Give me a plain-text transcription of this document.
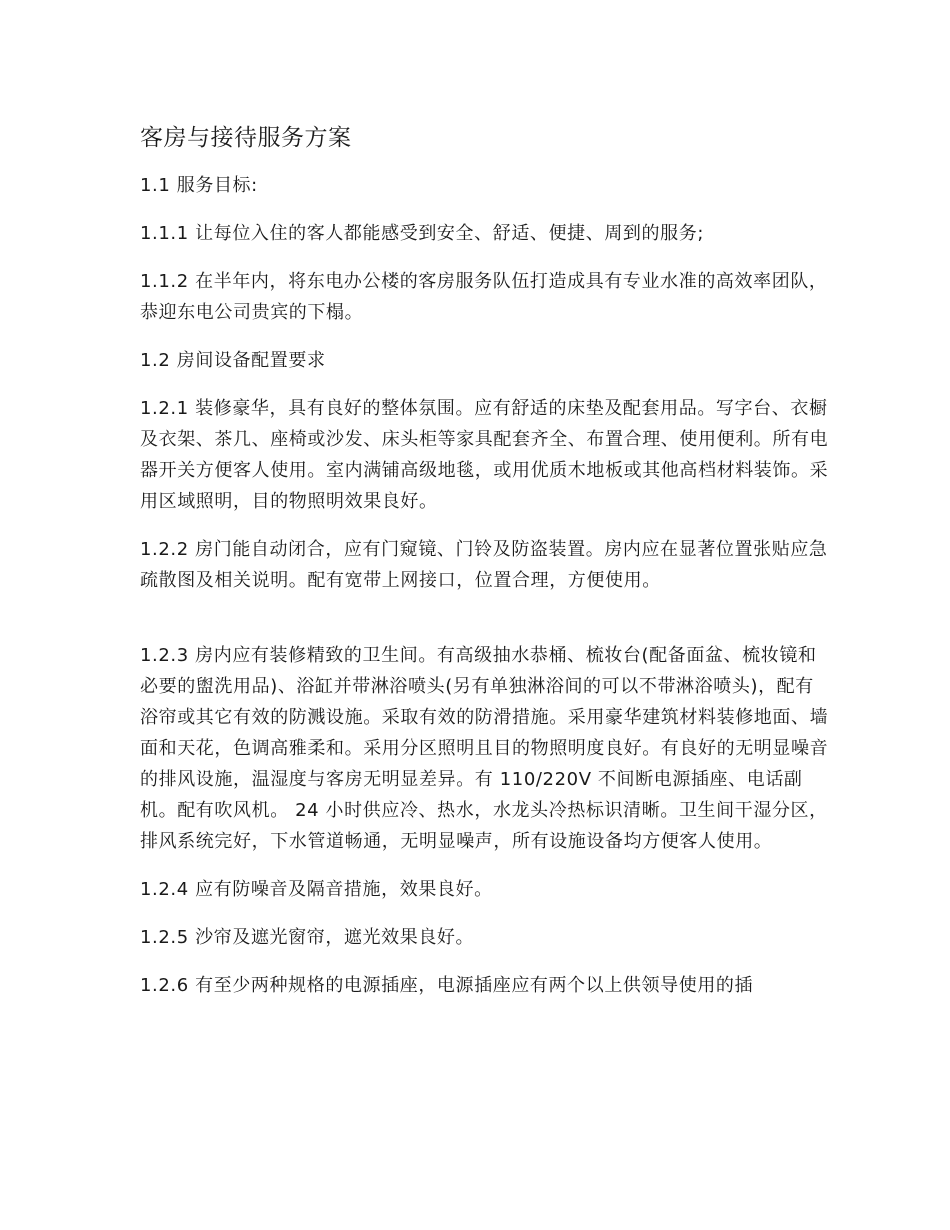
客房与接待服务方案

1.1 服务目标:

1.1.1 让每位入住的客人都能感受到安全、舒适、便捷、周到的服务;

1.1.2 在半年内，将东电办公楼的客房服务队伍打造成具有专业水准的高效率团队，恭迎东电公司贵宾的下榻。

1.2 房间设备配置要求

1.2.1 装修豪华，具有良好的整体氛围。应有舒适的床垫及配套用品。写字台、衣橱及衣架、茶几、座椅或沙发、床头柜等家具配套齐全、布置合理、使用便利。所有电器开关方便客人使用。室内满铺高级地毯，或用优质木地板或其他高档材料装饰。采用区域照明，目的物照明效果良好。

1.2.2 房门能自动闭合，应有门窥镜、门铃及防盗装置。房内应在显著位置张贴应急疏散图及相关说明。配有宽带上网接口，位置合理，方便使用。

1.2.3 房内应有装修精致的卫生间。有高级抽水恭桶、梳妆台(配备面盆、梳妆镜和必要的盥洗用品)、浴缸并带淋浴喷头(另有单独淋浴间的可以不带淋浴喷头)，配有浴帘或其它有效的防溅设施。采取有效的防滑措施。采用豪华建筑材料装修地面、墙面和天花，色调高雅柔和。采用分区照明且目的物照明度良好。有良好的无明显噪音的排风设施，温湿度与客房无明显差异。有 110/220V 不间断电源插座、电话副机。配有吹风机。 24 小时供应冷、热水，水龙头冷热标识清晰。卫生间干湿分区，排风系统完好，下水管道畅通，无明显噪声，所有设施设备均方便客人使用。

1.2.4 应有防噪音及隔音措施，效果良好。

1.2.5 沙帘及遮光窗帘，遮光效果良好。

1.2.6 有至少两种规格的电源插座，电源插座应有两个以上供领导使用的插
